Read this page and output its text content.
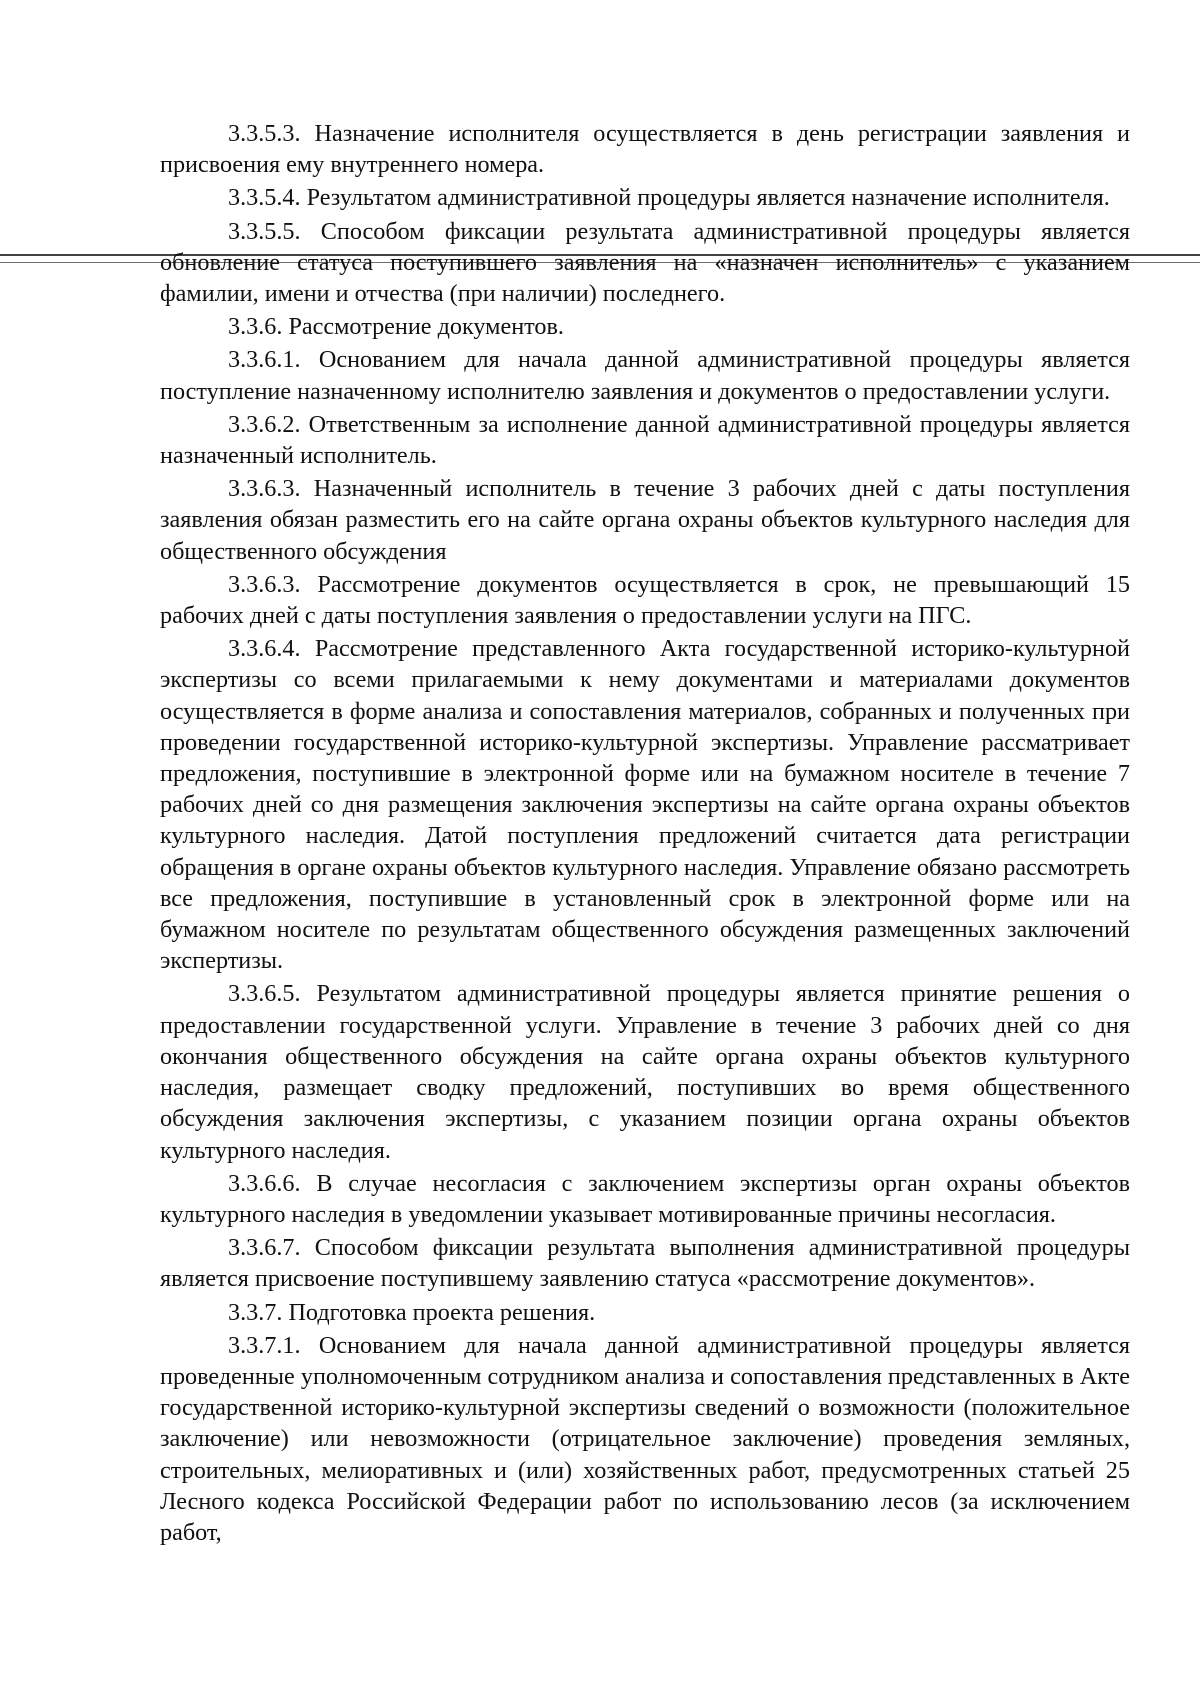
3.3.5.3. Назначение исполнителя осуществляется в день регистрации заявления и присвоения ему внутреннего номера.

3.3.5.4. Результатом административной процедуры является назначение исполнителя.

3.3.5.5. Способом фиксации результата административной процедуры является обновление статуса поступившего заявления на «назначен исполнитель» с указанием фамилии, имени и отчества (при наличии) последнего.

3.3.6. Рассмотрение документов.

3.3.6.1. Основанием для начала данной административной процедуры является поступление назначенному исполнителю заявления и документов о предоставлении услуги.

3.3.6.2. Ответственным за исполнение данной административной процедуры является назначенный исполнитель.

3.3.6.3. Назначенный исполнитель в течение 3 рабочих дней с даты поступления заявления обязан разместить его на сайте органа охраны объектов культурного наследия для общественного обсуждения

3.3.6.3. Рассмотрение документов осуществляется в срок, не превышающий 15 рабочих дней с даты поступления заявления о предоставлении услуги на ПГС.

3.3.6.4. Рассмотрение представленного Акта государственной историко-культурной экспертизы со всеми прилагаемыми к нему документами и материалами документов осуществляется в форме анализа и сопоставления материалов, собранных и полученных при проведении государственной историко-культурной экспертизы. Управление рассматривает предложения, поступившие в электронной форме или на бумажном носителе в течение 7 рабочих дней со дня размещения заключения экспертизы на сайте органа охраны объектов культурного наследия. Датой поступления предложений считается дата регистрации обращения в органе охраны объектов культурного наследия. Управление обязано рассмотреть все предложения, поступившие в установленный срок в электронной форме или на бумажном носителе по результатам общественного обсуждения размещенных заключений экспертизы.

3.3.6.5. Результатом административной процедуры является принятие решения о предоставлении государственной услуги. Управление в течение 3 рабочих дней со дня окончания общественного обсуждения на сайте органа охраны объектов культурного наследия, размещает сводку предложений, поступивших во время общественного обсуждения заключения экспертизы, с указанием позиции органа охраны объектов культурного наследия.

3.3.6.6. В случае несогласия с заключением экспертизы орган охраны объектов культурного наследия в уведомлении указывает мотивированные причины несогласия.

3.3.6.7. Способом фиксации результата выполнения административной процедуры является присвоение поступившему заявлению статуса «рассмотрение документов».

3.3.7. Подготовка проекта решения.

3.3.7.1. Основанием для начала данной административной процедуры является проведенные уполномоченным сотрудником анализа и сопоставления представленных в Акте государственной историко-культурной экспертизы сведений о возможности (положительное заключение) или невозможности (отрицательное заключение) проведения земляных, строительных, мелиоративных и (или) хозяйственных работ, предусмотренных статьей 25 Лесного кодекса Российской Федерации работ по использованию лесов (за исключением работ,
